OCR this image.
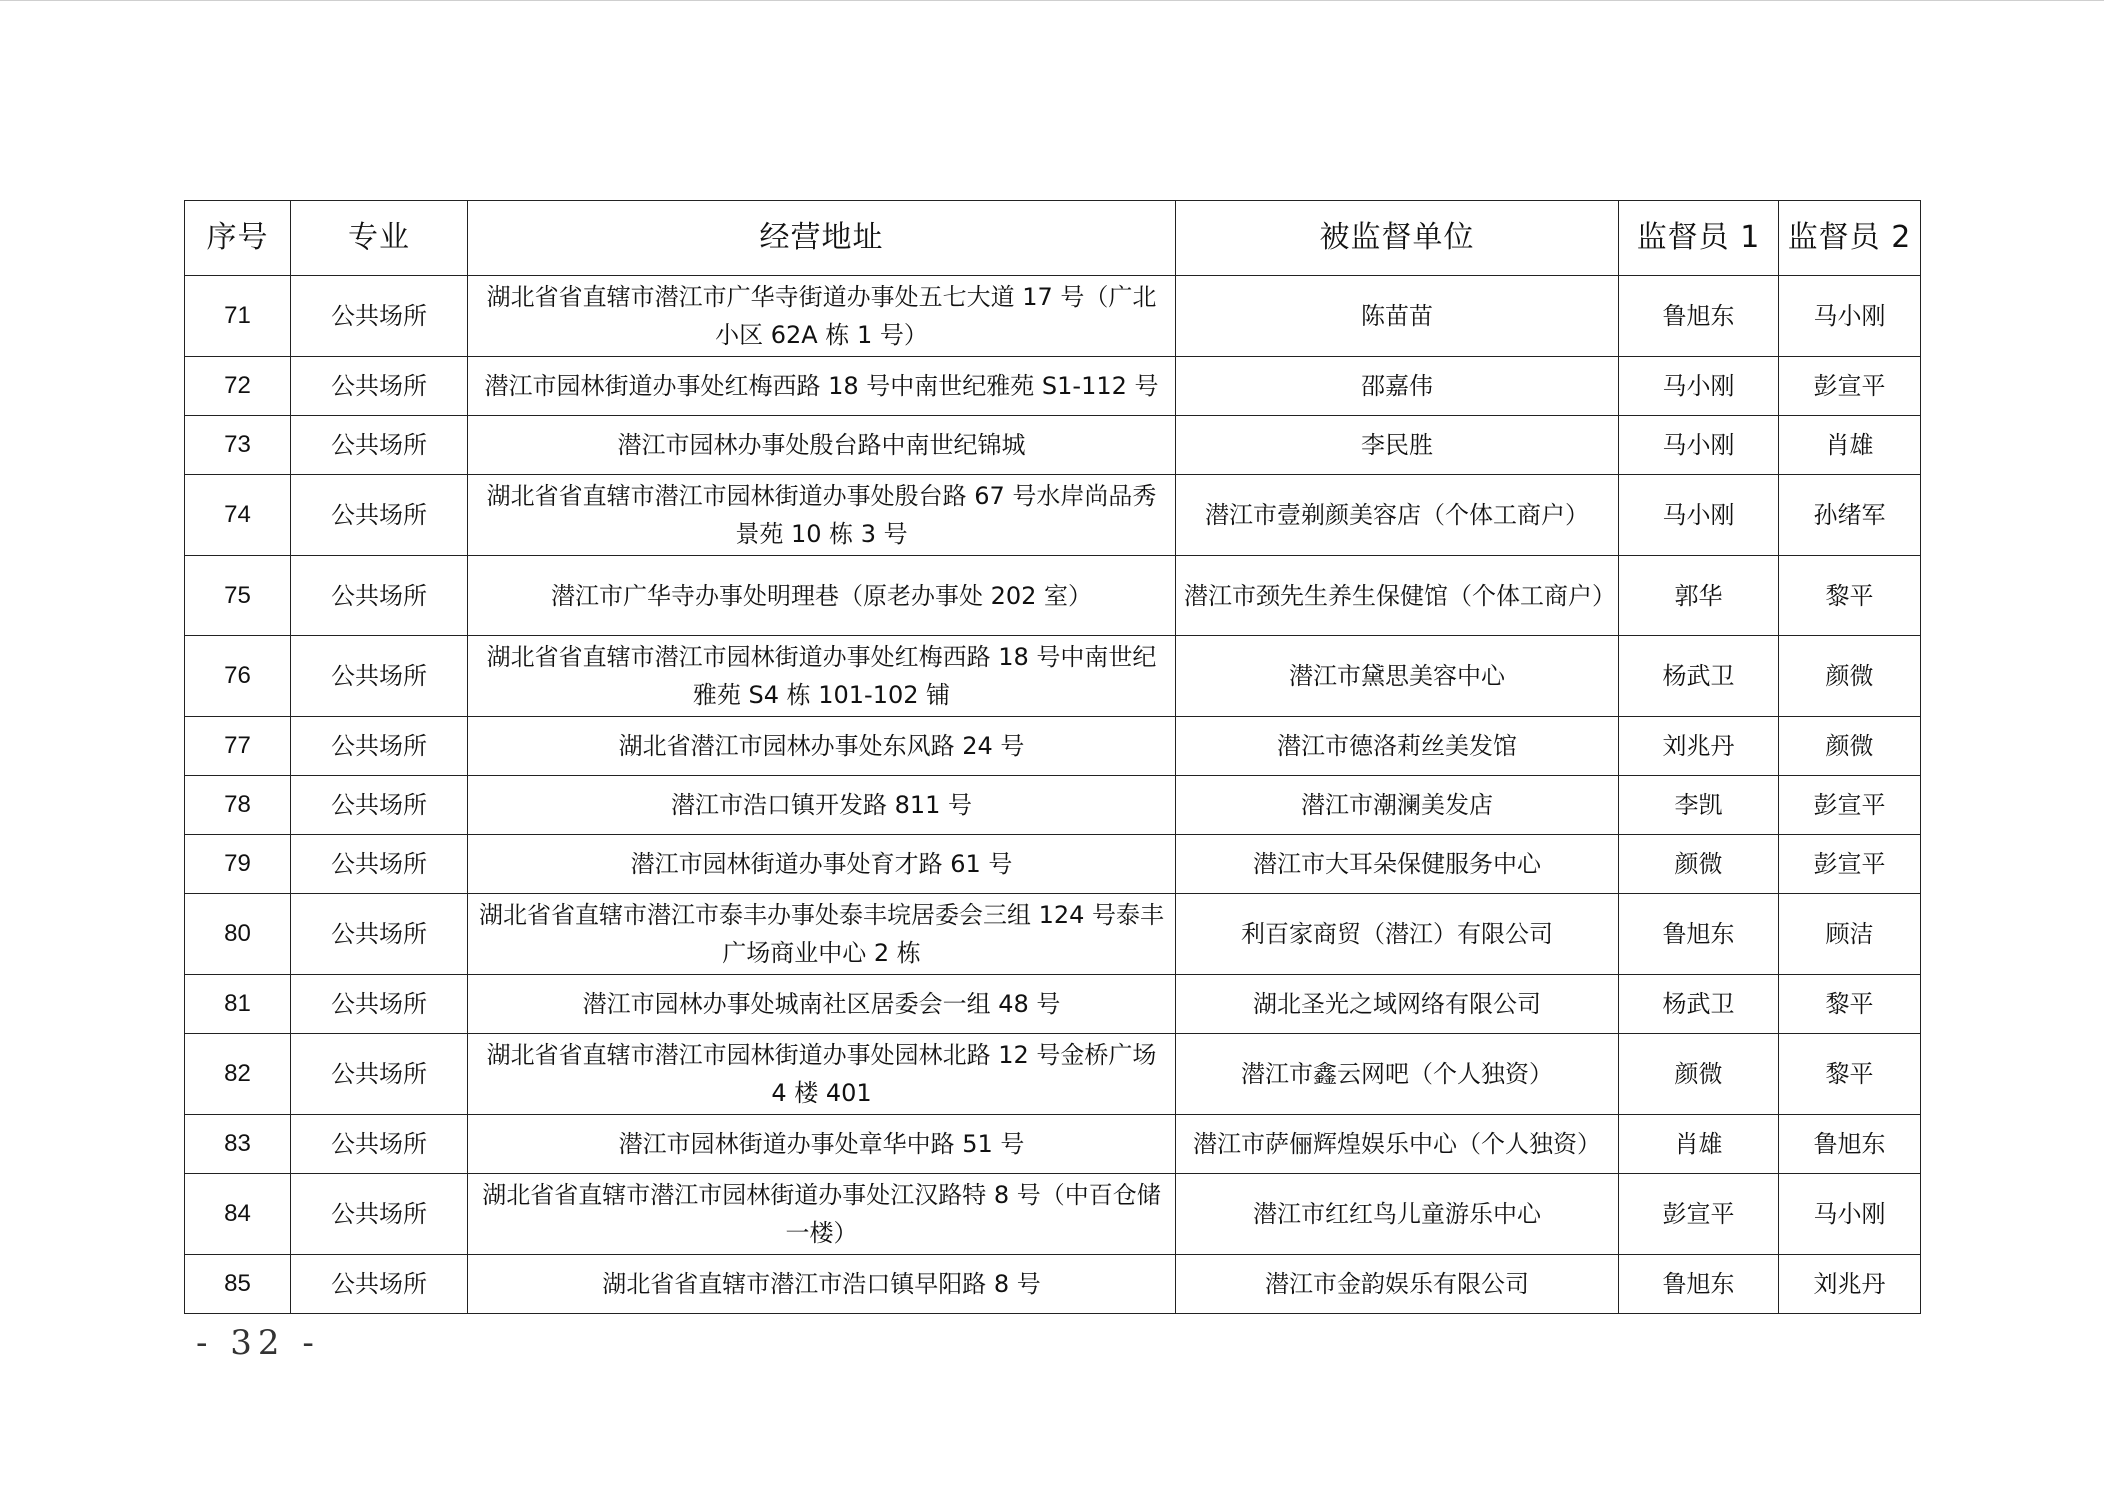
序号	专业	经营地址	被监督单位	监督员 1	监督员 2
71	公共场所	湖北省省直辖市潜江市广华寺街道办事处五七大道 17 号（广北小区 62A 栋 1 号）	陈苗苗	鲁旭东	马小刚
72	公共场所	潜江市园林街道办事处红梅西路 18 号中南世纪雅苑 S1-112 号	邵嘉伟	马小刚	彭宣平
73	公共场所	潜江市园林办事处殷台路中南世纪锦城	李民胜	马小刚	肖雄
74	公共场所	湖北省省直辖市潜江市园林街道办事处殷台路 67 号水岸尚品秀景苑 10 栋 3 号	潜江市壹剃颜美容店（个体工商户）	马小刚	孙绪军
75	公共场所	潜江市广华寺办事处明理巷（原老办事处 202 室）	潜江市颈先生养生保健馆（个体工商户）	郭华	黎平
76	公共场所	湖北省省直辖市潜江市园林街道办事处红梅西路 18 号中南世纪雅苑 S4 栋 101-102 铺	潜江市黛思美容中心	杨武卫	颜微
77	公共场所	湖北省潜江市园林办事处东风路 24 号	潜江市德洛莉丝美发馆	刘兆丹	颜微
78	公共场所	潜江市浩口镇开发路 811 号	潜江市潮澜美发店	李凯	彭宣平
79	公共场所	潜江市园林街道办事处育才路 61 号	潜江市大耳朵保健服务中心	颜微	彭宣平
80	公共场所	湖北省省直辖市潜江市泰丰办事处泰丰垸居委会三组 124 号泰丰广场商业中心 2 栋	利百家商贸（潜江）有限公司	鲁旭东	顾洁
81	公共场所	潜江市园林办事处城南社区居委会一组 48 号	湖北圣光之域网络有限公司	杨武卫	黎平
82	公共场所	湖北省省直辖市潜江市园林街道办事处园林北路 12 号金桥广场 4 楼 401	潜江市鑫云网吧（个人独资）	颜微	黎平
83	公共场所	潜江市园林街道办事处章华中路 51 号	潜江市萨俪辉煌娱乐中心（个人独资）	肖雄	鲁旭东
84	公共场所	湖北省省直辖市潜江市园林街道办事处江汉路特 8 号（中百仓储一楼）	潜江市红红鸟儿童游乐中心	彭宣平	马小刚
85	公共场所	湖北省省直辖市潜江市浩口镇早阳路 8 号	潜江市金韵娱乐有限公司	鲁旭东	刘兆丹
- 32 -
